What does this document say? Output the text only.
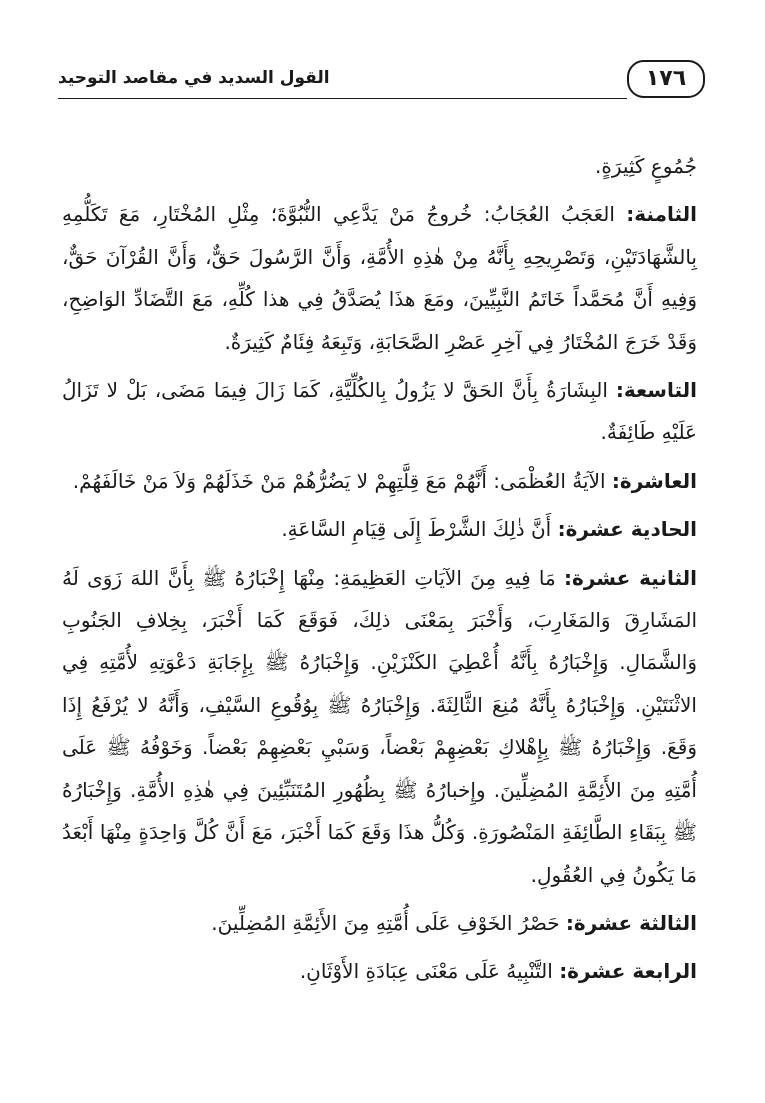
١٧٦
القول السديد في مقاصد التوحيد

جُمُوعٍ كَثِيرَةٍ.

الثامنة: العَجَبُ العُجَابُ: خُروجُ مَنْ يَدَّعِي النُّبُوَّةَ؛ مِثْلِ المُخْتَارِ، مَعَ تَكَلُّمِهِ بِالشَّهَادَتَيْنِ، وَتَصْرِيحِهِ بِأَنَّهُ مِنْ هٰذِهِ الأُمَّةِ، وَأَنَّ الرَّسُولَ حَقٌّ، وَأَنَّ القُرْآنَ حَقٌّ، وَفِيهِ أَنَّ مُحَمَّداً خَاتَمُ النَّبِيِّينَ، ومَعَ هذَا يُصَدَّقُ فِي هذا كُلِّهِ، مَعَ التَّضَادِّ الوَاضِحِ، وَقَدْ خَرَجَ المُخْتَارُ فِي آخِرِ عَصْرِ الصَّحَابَةِ، وَتَبِعَهُ فِئَامٌ كَثِيرَةٌ.

التاسعة: البِشَارَةُ بِأَنَّ الحَقَّ لا يَزُولُ بِالكُلِّيَّةِ، كَمَا زَالَ فِيمَا مَضَى، بَلْ لا تَزَالُ عَلَيْهِ طَائِفَةٌ.

العاشرة: الآيَةُ العُظْمَى: أَنَّهُمْ مَعَ قِلَّتِهِمْ لا يَضُرُّهُمْ مَنْ خَذَلَهُمْ وَلاَ مَنْ خَالَفَهُمْ.

الحادية عشرة: أَنَّ ذٰلِكَ الشَّرْطَ إِلَى قِيَامِ السَّاعَةِ.

الثانية عشرة: مَا فِيهِ مِنَ الآيَاتِ العَظِيمَةِ: مِنْهَا إِخْبَارُهُ ﷺ بِأَنَّ اللهَ زَوَى لَهُ المَشَارِقَ وَالمَغَارِبَ، وَأَخْبَرَ بِمَعْنَى ذلِكَ، فَوَقَعَ كَمَا أَخْبَرَ، بِخِلافِ الجَنُوبِ وَالشَّمَالِ. وَإِخْبَارُهُ بِأَنَّهُ أُعْطِيَ الكَنْزَيْنِ. وَإِخْبَارُهُ ﷺ بِإِجَابَةِ دَعْوَتِهِ لأُمَّتِهِ فِي الاثْنَتَيْنِ. وَإِخْبَارُهُ بِأَنَّهُ مُنِعَ الثَّالِثَةَ. وَإِخْبَارُهُ ﷺ بِوُقُوعِ السَّيْفِ، وَأَنَّهُ لا يُرْفَعُ إِذَا وَقَعَ. وَإِخْبَارُهُ ﷺ بِإِهْلاكِ بَعْضِهِمْ بَعْضاً، وَسَبْيِ بَعْضِهِمْ بَعْضاً. وَخَوْفُهُ ﷺ عَلَى أُمَّتِهِ مِنَ الأَئِمَّةِ المُضِلِّينَ. وإِخبارُهُ ﷺ بِظُهُورِ المُتَنَبِّئِينَ فِي هٰذِهِ الأُمَّةِ. وَإِخْبَارُهُ ﷺ بِبَقَاءِ الطَّائِفَةِ المَنْصُورَةِ. وَكُلُّ هذَا وَقَعَ كَمَا أَخْبَرَ، مَعَ أَنَّ كُلَّ وَاحِدَةٍ مِنْهَا أَبْعَدُ مَا يَكُونُ فِي العُقُولِ.

الثالثة عشرة: حَصْرُ الخَوْفِ عَلَى أُمَّتِهِ مِنَ الأَئِمَّةِ المُضِلِّينَ.

الرابعة عشرة: التَّنْبِيهُ عَلَى مَعْنَى عِبَادَةِ الأَوْثَانِ.
